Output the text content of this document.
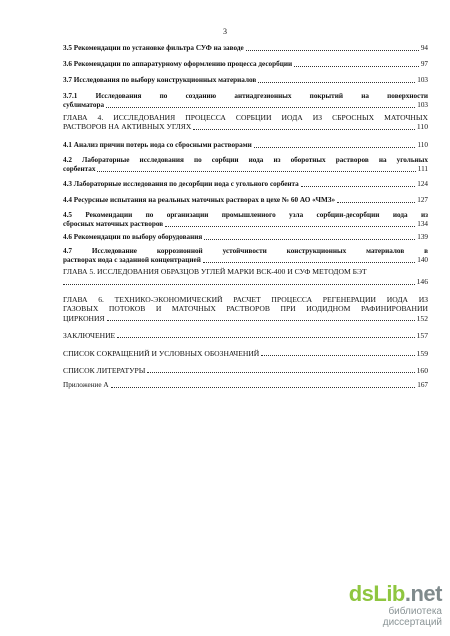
3
3.5 Рекомендации по установке фильтра СУФ на заводе	94
3.6 Рекомендации по аппаратурному оформлению процесса десорбции	97
3.7 Исследования по выбору конструкционных материалов	103
3.7.1 Исследования по созданию антиадгезионных покрытий на поверхности
сублиматора	103
ГЛАВА 4. ИССЛЕДОВАНИЯ ПРОЦЕССА СОРБЦИИ ИОДА ИЗ СБРОСНЫХ МАТОЧНЫХ
РАСТВОРОВ НА АКТИВНЫХ УГЛЯХ	110
4.1 Анализ причин потерь иода со сбросными растворами	110
4.2 Лабораторные исследования по сорбции иода из оборотных растворов на угольных
сорбентах	111
4.3 Лабораторные исследования по десорбции иода с угольного сорбента	124
4.4 Ресурсные испытания на реальных маточных растворах в цехе № 60 АО «ЧМЗ»	127
4.5 Рекомендации по организации промышленного узла сорбции-десорбции иода из
сбросных маточных растворов	134
4.6 Рекомендации по выбору оборудования	139
4.7 Исследование коррозионной устойчивости конструкционных материалов в
растворах иода с заданной концентрацией	140
ГЛАВА 5. ИССЛЕДОВАНИЯ ОБРАЗЦОВ УГЛЕЙ МАРКИ ВСК-400 И СУФ МЕТОДОМ БЭТ
146
ГЛАВА 6. ТЕХНИКО-ЭКОНОМИЧЕСКИЙ РАСЧЕТ ПРОЦЕССА РЕГЕНЕРАЦИИ ИОДА ИЗ
ГАЗОВЫХ ПОТОКОВ И МАТОЧНЫХ РАСТВОРОВ ПРИ ИОДИДНОМ РАФИНИРОВАНИИ
ЦИРКОНИЯ	152
ЗАКЛЮЧЕНИЕ	157
СПИСОК СОКРАЩЕНИЙ И УСЛОВНЫХ ОБОЗНАЧЕНИЙ	159
СПИСОК ЛИТЕРАТУРЫ	160
Приложение А	167
dsLib.net
библиотека диссертаций
